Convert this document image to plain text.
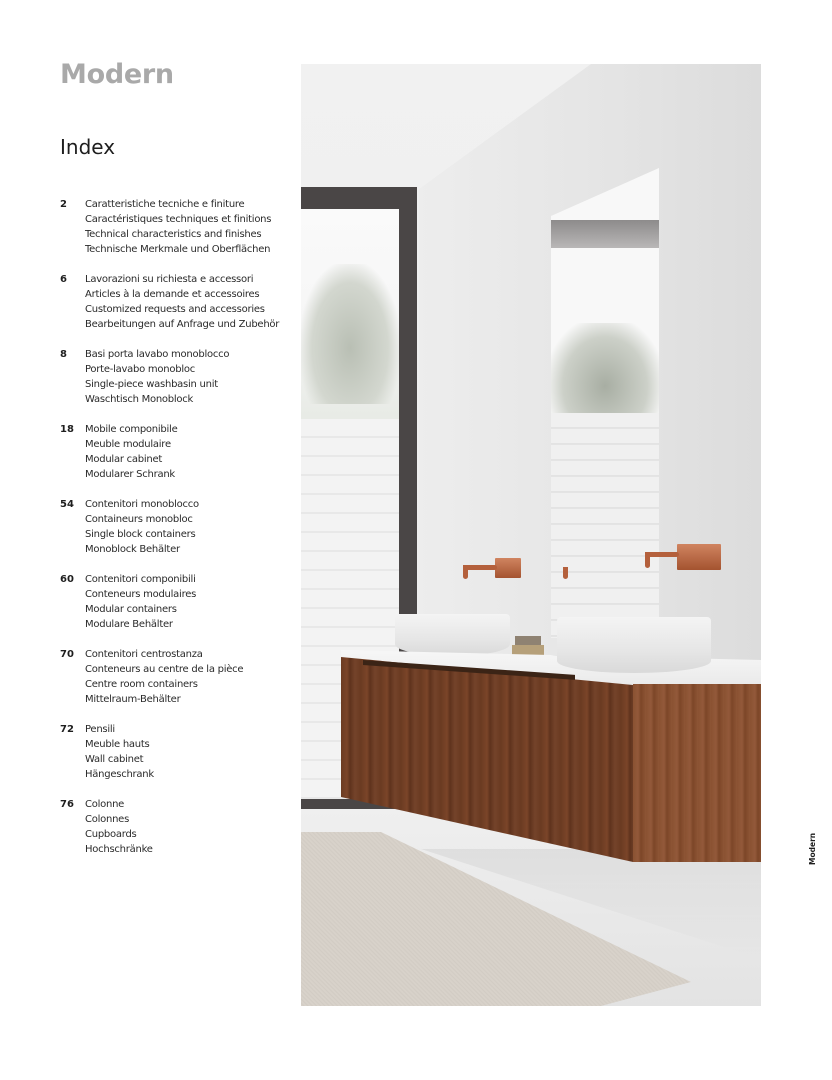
Modern
Index
2	Caratteristiche tecniche e finiture
Caractéristiques techniques et finitions
Technical characteristics and finishes
Technische Merkmale und Oberflächen
6	Lavorazioni su richiesta e accessori
Articles à la demande et accessoires
Customized requests and accessories
Bearbeitungen auf Anfrage und Zubehör
8	Basi porta lavabo monoblocco
Porte-lavabo monobloc
Single-piece washbasin unit
Waschtisch Monoblock
18	Mobile componibile
Meuble modulaire
Modular cabinet
Modularer Schrank
54	Contenitori monoblocco
Containeurs monobloc
Single block containers
Monoblock Behälter
60	Contenitori componibili
Conteneurs modulaires
Modular containers
Modulare Behälter
70	Contenitori centrostanza
Conteneurs au centre de la pièce
Centre room containers
Mittelraum-Behälter
72	Pensili
Meuble hauts
Wall cabinet
Hängeschrank
76	Colonne
Colonnes
Cupboards
Hochschränke	Modern
